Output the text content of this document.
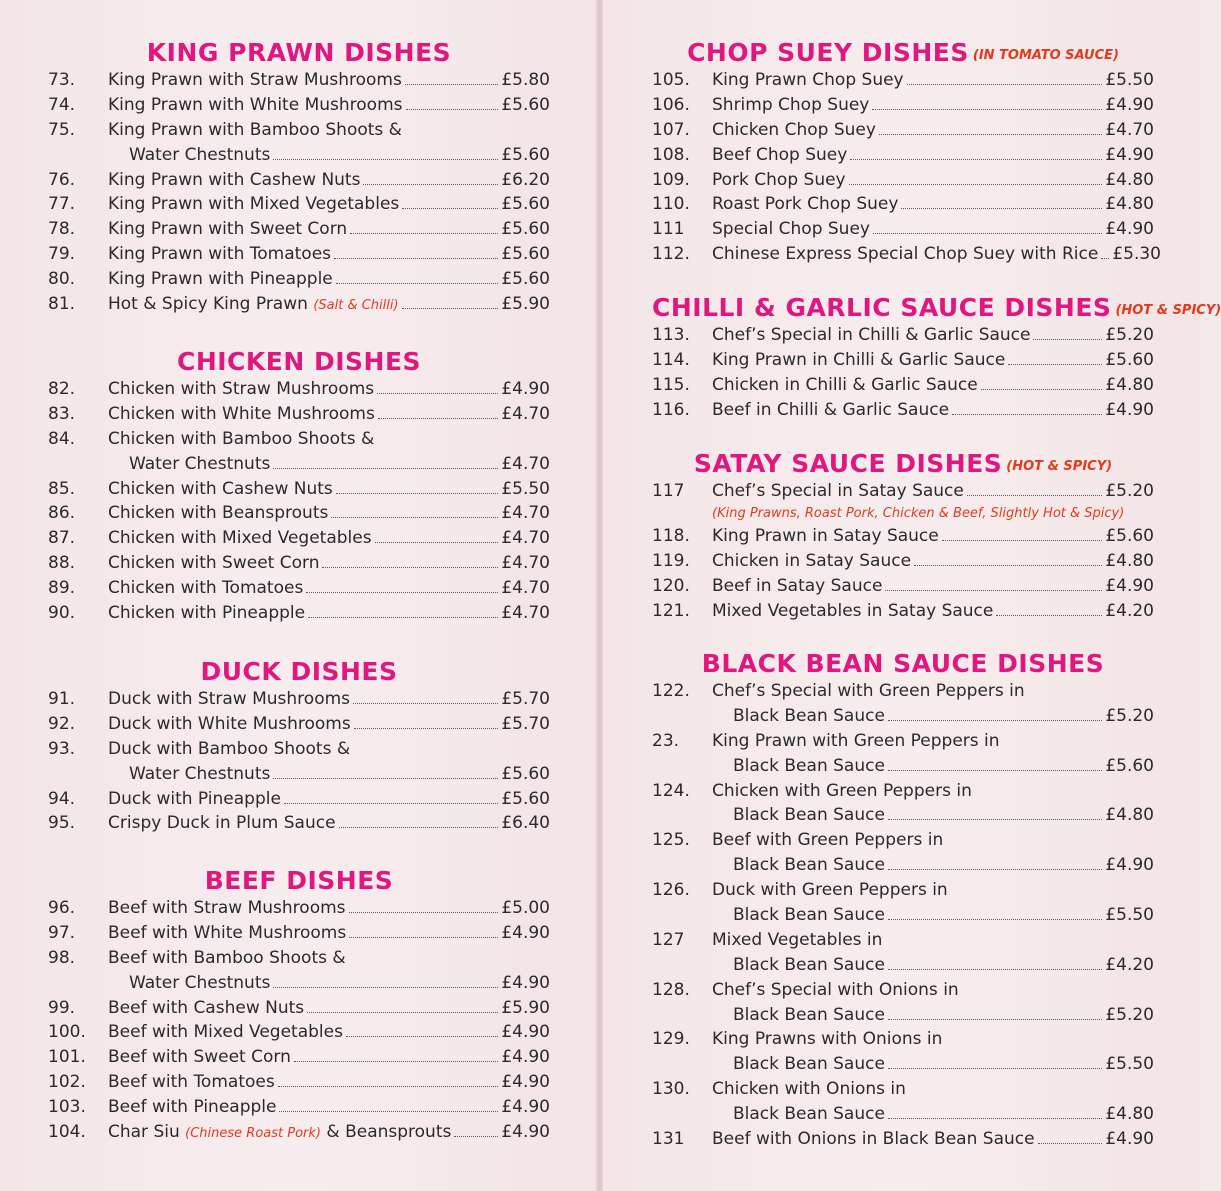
KING PRAWN DISHES
73.	King Prawn with Straw Mushrooms	£5.80
74.	King Prawn with White Mushrooms	£5.60
75.	King Prawn with Bamboo Shoots &
Water Chestnuts	£5.60
76.	King Prawn with Cashew Nuts	£6.20
77.	King Prawn with Mixed Vegetables	£5.60
78.	King Prawn with Sweet Corn	£5.60
79.	King Prawn with Tomatoes	£5.60
80.	King Prawn with Pineapple	£5.60
81.	Hot & Spicy King Prawn (Salt & Chilli)	£5.90
CHICKEN DISHES
82.	Chicken with Straw Mushrooms	£4.90
83.	Chicken with White Mushrooms	£4.70
84.	Chicken with Bamboo Shoots &
Water Chestnuts	£4.70
85.	Chicken with Cashew Nuts	£5.50
86.	Chicken with Beansprouts	£4.70
87.	Chicken with Mixed Vegetables	£4.70
88.	Chicken with Sweet Corn	£4.70
89.	Chicken with Tomatoes	£4.70
90.	Chicken with Pineapple	£4.70
DUCK DISHES
91.	Duck with Straw Mushrooms	£5.70
92.	Duck with White Mushrooms	£5.70
93.	Duck with Bamboo Shoots &
Water Chestnuts	£5.60
94.	Duck with Pineapple	£5.60
95.	Crispy Duck in Plum Sauce	£6.40
BEEF DISHES
96.	Beef with Straw Mushrooms	£5.00
97.	Beef with White Mushrooms	£4.90
98.	Beef with Bamboo Shoots &
Water Chestnuts	£4.90
99.	Beef with Cashew Nuts	£5.90
100.	Beef with Mixed Vegetables	£4.90
101.	Beef with Sweet Corn	£4.90
102.	Beef with Tomatoes	£4.90
103.	Beef with Pineapple	£4.90
104.	Char Siu (Chinese Roast Pork) & Beansprouts	£4.90
CHOP SUEY DISHES (IN TOMATO SAUCE)
105.	King Prawn Chop Suey	£5.50
106.	Shrimp Chop Suey	£4.90
107.	Chicken Chop Suey	£4.70
108.	Beef Chop Suey	£4.90
109.	Pork Chop Suey	£4.80
110.	Roast Pork Chop Suey	£4.80
111	Special Chop Suey	£4.90
112.	Chinese Express Special Chop Suey with Rice £5.30
CHILLI & GARLIC SAUCE DISHES (HOT & SPICY)
113.	Chef’s Special in Chilli & Garlic Sauce	£5.20
114.	King Prawn in Chilli & Garlic Sauce	£5.60
115.	Chicken in Chilli & Garlic Sauce	£4.80
116.	Beef in Chilli & Garlic Sauce	£4.90
SATAY SAUCE DISHES (HOT & SPICY)
117	Chef’s Special in Satay Sauce	£5.20
(King Prawns, Roast Pork, Chicken & Beef, Slightly Hot & Spicy)
118.	King Prawn in Satay Sauce	£5.60
119.	Chicken in Satay Sauce	£4.80
120.	Beef in Satay Sauce	£4.90
121.	Mixed Vegetables in Satay Sauce	£4.20
BLACK BEAN SAUCE DISHES
122.	Chef’s Special with Green Peppers in
Black Bean Sauce	£5.20
23.	King Prawn with Green Peppers in
Black Bean Sauce	£5.60
124.	Chicken with Green Peppers in
Black Bean Sauce	£4.80
125.	Beef with Green Peppers in
Black Bean Sauce	£4.90
126.	Duck with Green Peppers in
Black Bean Sauce	£5.50
127	Mixed Vegetables in
Black Bean Sauce	£4.20
128.	Chef’s Special with Onions in
Black Bean Sauce	£5.20
129.	King Prawns with Onions in
Black Bean Sauce	£5.50
130.	Chicken with Onions in
Black Bean Sauce	£4.80
131	Beef with Onions in Black Bean Sauce	£4.90
